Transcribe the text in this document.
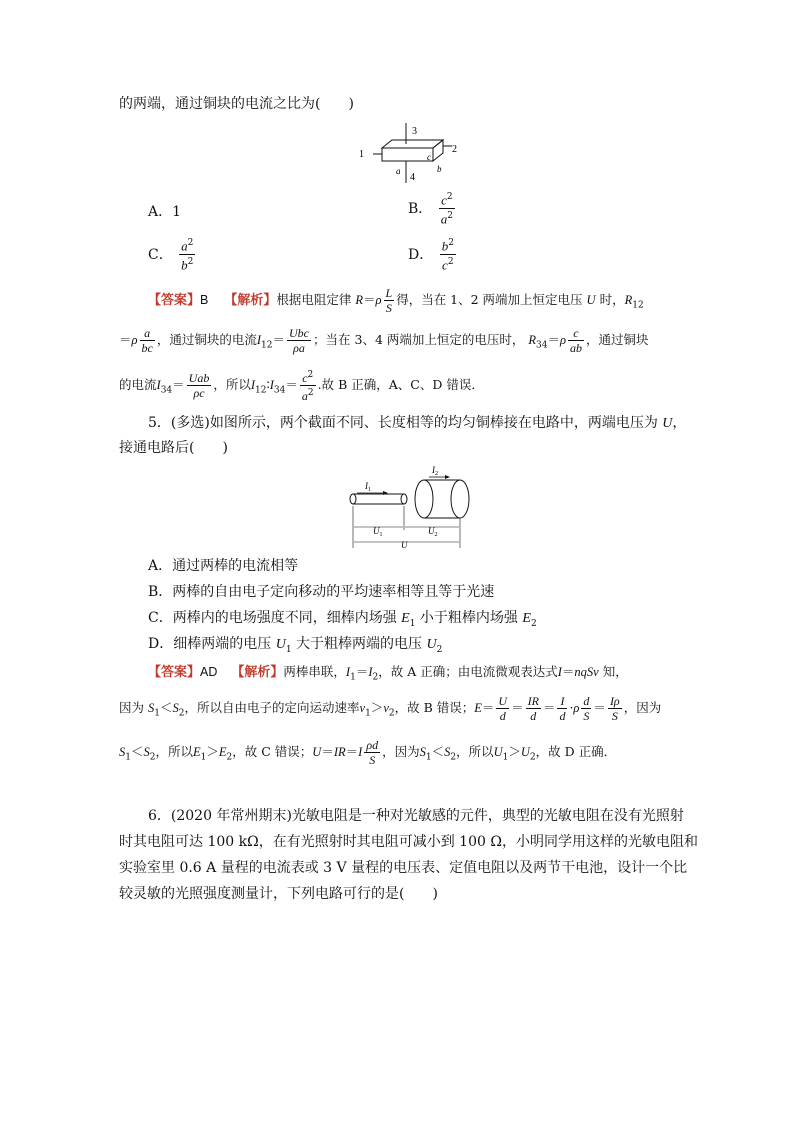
的两端，通过铜块的电流之比为(　　)
1	2
3
4
a	b
c
A．1	B． $\frac{c^2}{a^2}$
C． $\frac{a^2}{b^2}$	D． $\frac{b^2}{c^2}$
【答案】B 【解析】根据电阻定律 $R=\rho \frac{L}{S}$ 得，当在 1、2 两端加上恒定电压 U 时，$R_{12}$
$=\rho \frac{a}{bc}$ ，通过铜块的电流$I_{12}= \frac{\text{Ubc}}{\rho a}$ ；当在 3、4 两端加上恒定的电压时， $R_{34}=\rho \frac{c}{ab}$ ，通过铜块
的电流$I_{34}= \frac{\text{Uab}}{\rho c}$ ，所以$I_{12}∶I_{34}= \frac{c^2}{a^2}$ .故 B 正确，A、C、D 错误．
5．(多选)如图所示，两个截面不同、长度相等的均匀铜棒接在电路中，两端电压为 U，
接通电路后(　　)
$I_1$
$I_2$
$U_1$	$U_2$
U
A．通过两棒的电流相等
B．两棒的自由电子定向移动的平均速率相等且等于光速
C．两棒内的电场强度不同，细棒内场强 $E_1$ 小于粗棒内场强 $E_2$
D．细棒两端的电压 $U_1$ 大于粗棒两端的电压 $U_2$
【答案】AD 【解析】两棒串联，$I_1=I_2$，故 A 正确；由电流微观表达式I＝nqSv 知，
因为 $S_1<S_2$，所以自由电子的定向运动速率$v_1>v_2$，故 B 错误；$E= \frac{U}{d} = \frac{IR}{d} = \frac{I}{d} \cdot\rho \frac{d}{S} = \frac{I\rho}{S}$ ，因为
$S_1<S_2$，所以$E_1>E_2$，故 C 错误；$U=IR=I \frac{\rho d}{S}$ ，因为$S_1<S_2$，所以$U_1>U_2$，故 D 正确．
6．(2020 年常州期末)光敏电阻是一种对光敏感的元件，典型的光敏电阻在没有光照射
时其电阻可达 100 kΩ，在有光照射时其电阻可减小到 100 Ω，小明同学用这样的光敏电阻和
实验室里 0.6 A 量程的电流表或 3 V 量程的电压表、定值电阻以及两节干电池，设计一个比
较灵敏的光照强度测量计，下列电路可行的是(　　)
